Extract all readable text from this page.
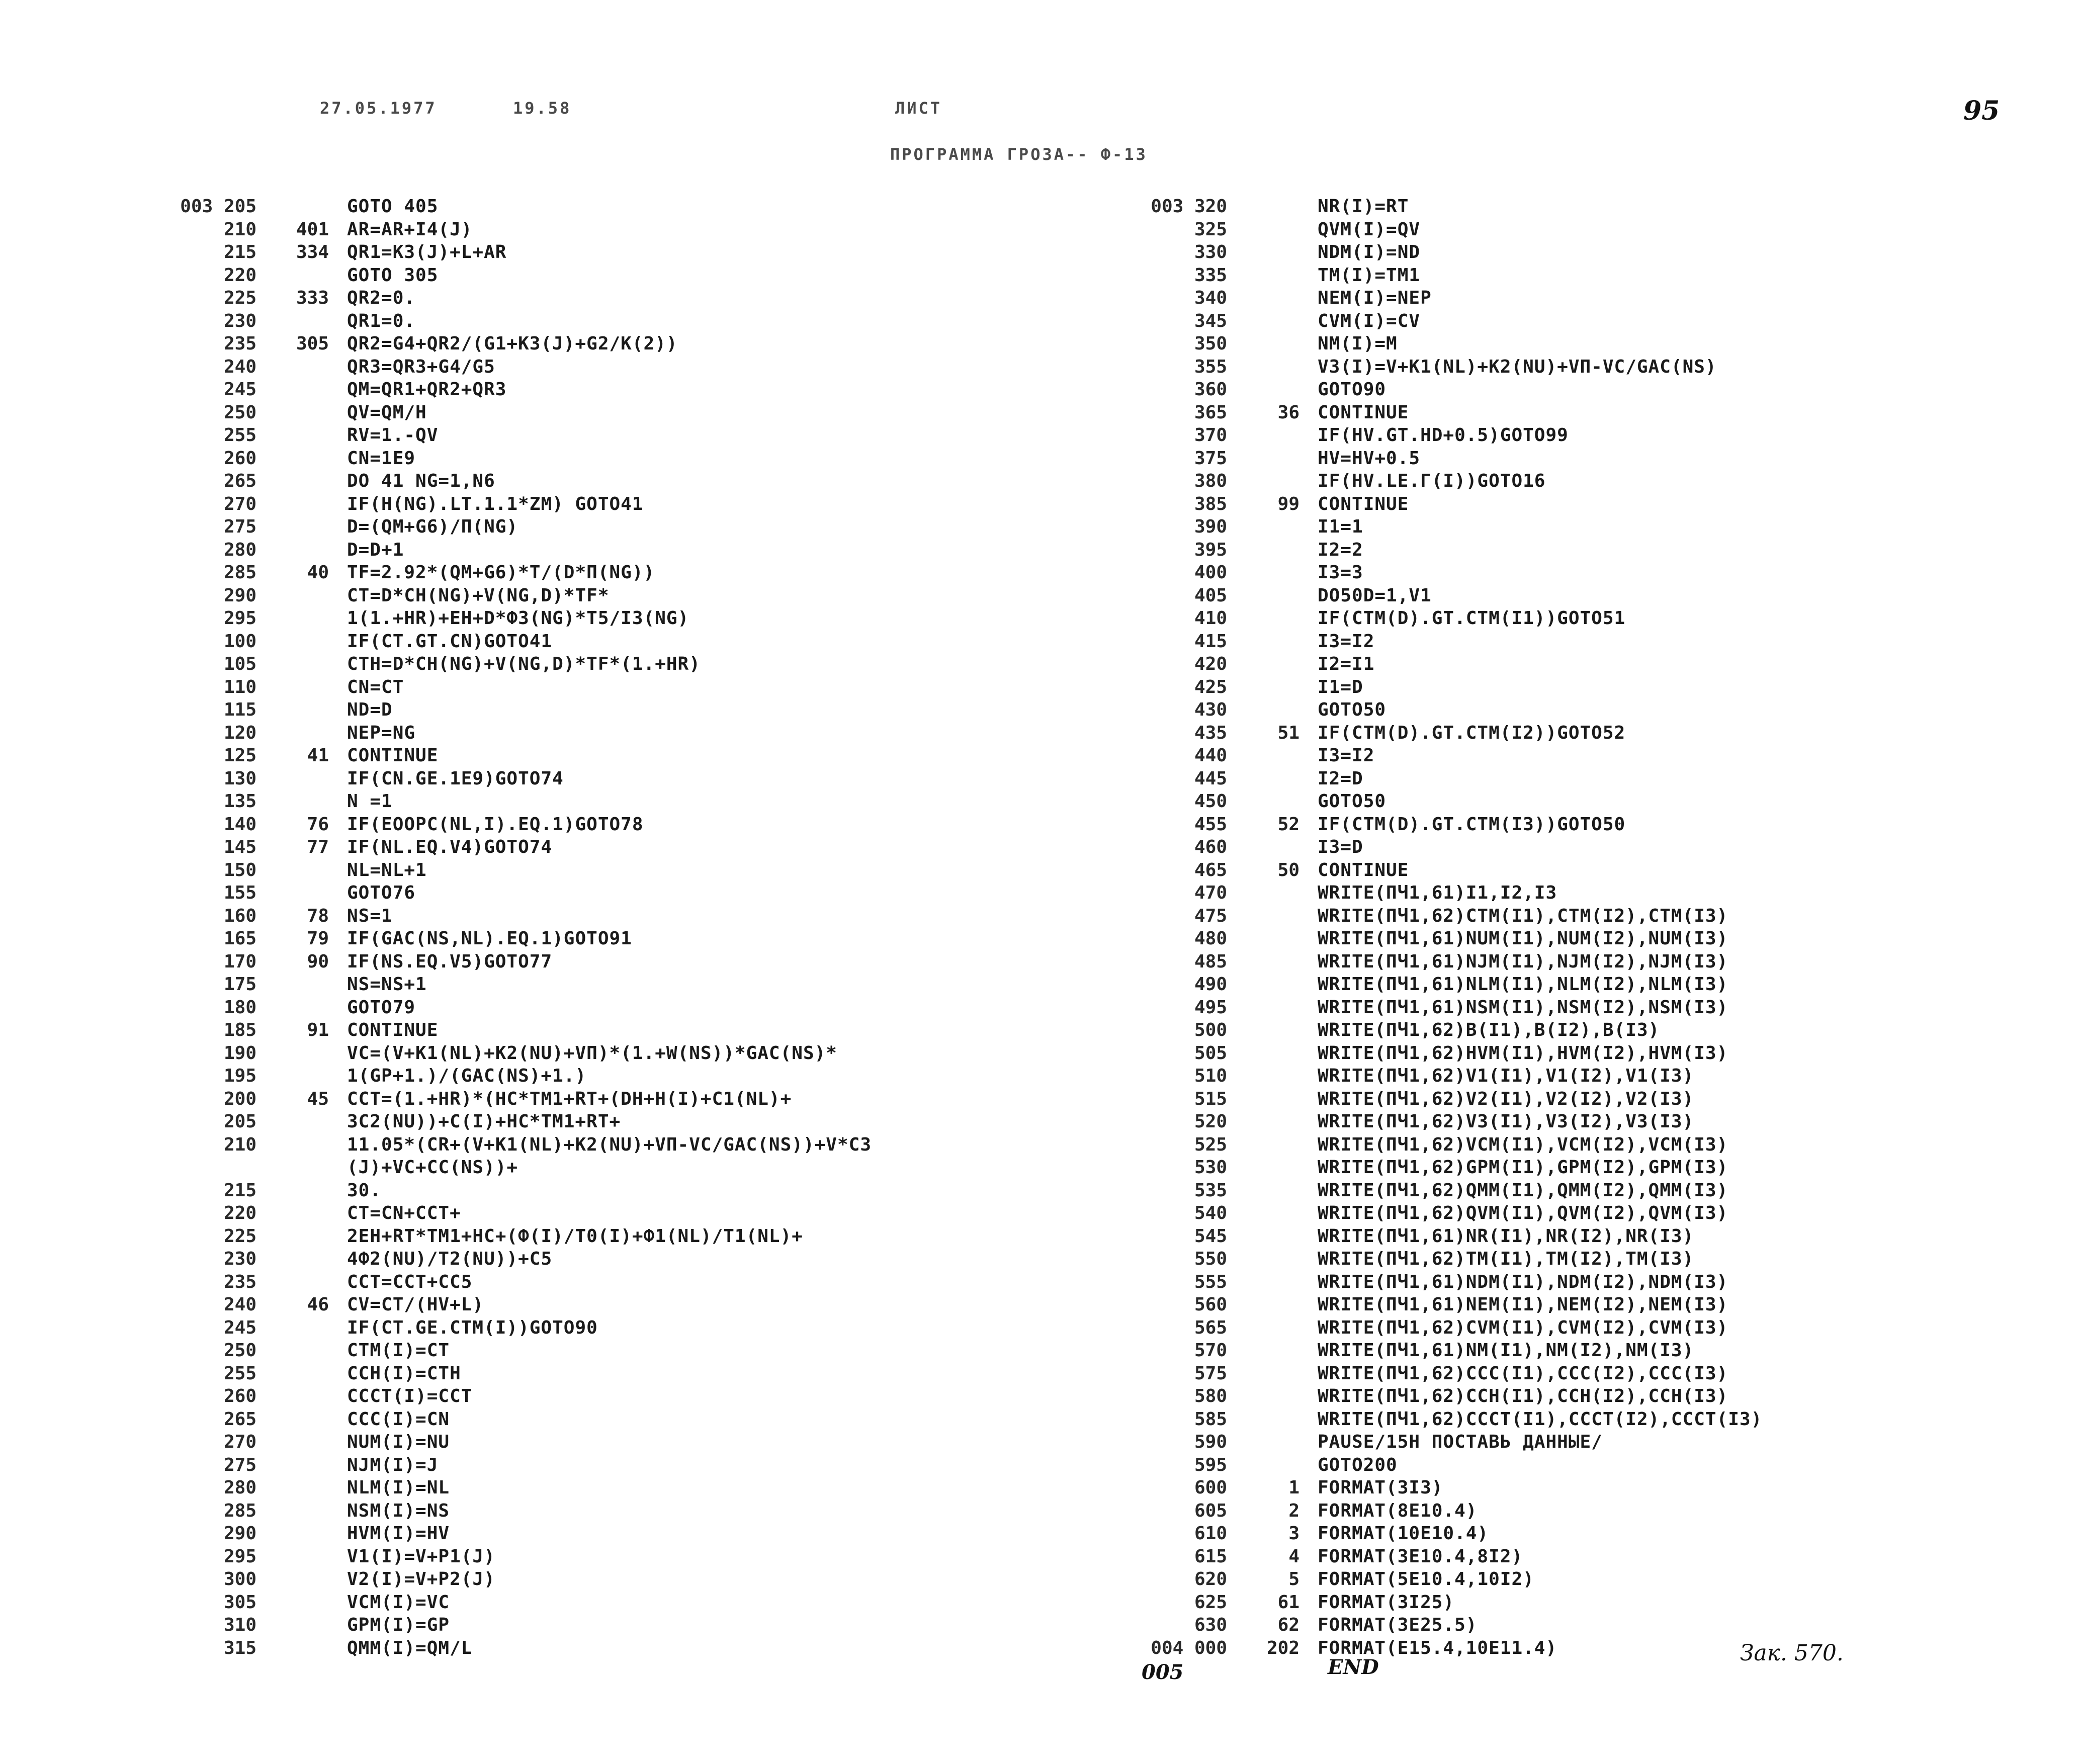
27.05.1977	19.58	ЛИСТ
ПРОГРАММА ГРОЗА-- Ф-13
95
003 205	GOTO 405
210	401 AR=AR+I4(J)
215	334 QR1=K3(J)+L+AR
220	GOTO 305
225	333 QR2=0.
230	QR1=0.
235	305 QR2=G4+QR2/(G1+K3(J)+G2/K(2))
240	QR3=QR3+G4/G5
245	QM=QR1+QR2+QR3
250	QV=QM/H
255	RV=1.-QV
260	CN=1E9
265	DO 41 NG=1,N6
270	IF(H(NG).LT.1.1*ZM) GOTO41
275	D=(QM+G6)/П(NG)
280	D=D+1
285	40 TF=2.92*(QM+G6)*T/(D*П(NG))
290	CT=D*CH(NG)+V(NG,D)*TF*
295	1(1.+HR)+EH+D*Ф3(NG)*T5/I3(NG)
100	IF(CT.GT.CN)GOTO41
105	CTH=D*CH(NG)+V(NG,D)*TF*(1.+HR)
110	CN=CT
115	ND=D
120	NEP=NG
125	41 CONTINUE
130	IF(CN.GE.1E9)GOTO74
135	N =1
140	76 IF(ЕООРС(NL,I).EQ.1)GOTO78
145	77 IF(NL.EQ.V4)GOTO74
150	NL=NL+1
155	GOTO76
160	78 NS=1
165	79 IF(GAC(NS,NL).EQ.1)GOTO91
170	90 IF(NS.EQ.V5)GOTO77
175	NS=NS+1
180	GOTO79
185	91 CONTINUE
190	VC=(V+K1(NL)+K2(NU)+VП)*(1.+W(NS))*GAC(NS)*
195	1(GP+1.)/(GAC(NS)+1.)
200	45 CCT=(1.+HR)*(HC*TM1+RT+(DH+H(I)+C1(NL)+
205	3C2(NU))+C(I)+HC*TM1+RT+
210	11.05*(CR+(V+K1(NL)+K2(NU)+VП-VC/GAC(NS))+V*C3
(J)+VC+CC(NS))+
215	30.
220	CT=CN+CCT+
225	2EH+RT*TM1+HC+(Ф(I)/T0(I)+Ф1(NL)/T1(NL)+
230	4Ф2(NU)/T2(NU))+C5
235	CCT=CCT+CC5
240	46 CV=CT/(HV+L)
245	IF(CT.GE.CTM(I))GOTO90
250	CTM(I)=CT
255	CCH(I)=CTH
260	CCCT(I)=CCT
265	CCC(I)=CN
270	NUM(I)=NU
275	NJM(I)=J
280	NLM(I)=NL
285	NSM(I)=NS
290	HVM(I)=HV
295	V1(I)=V+P1(J)
300	V2(I)=V+P2(J)
305	VCM(I)=VC
310	GPM(I)=GP
315	QMM(I)=QM/L
003 320	NR(I)=RT
325	QVM(I)=QV
330	NDM(I)=ND
335	TM(I)=TM1
340	NEM(I)=NEP
345	CVM(I)=CV
350	NM(I)=M
355	V3(I)=V+K1(NL)+K2(NU)+VП-VC/GAC(NS)
360	GOTO90
365	36 CONTINUE
370	IF(HV.GT.HD+0.5)GOTO99
375	HV=HV+0.5
380	IF(HV.LE.Г(I))GOTO16
385	99 CONTINUE
390	I1=1
395	I2=2
400	I3=3
405	DO50D=1,V1
410	IF(CTM(D).GT.CTM(I1))GOTO51
415	I3=I2
420	I2=I1
425	I1=D
430	GOTO50
435	51 IF(CTM(D).GT.CTM(I2))GOTO52
440	I3=I2
445	I2=D
450	GOTO50
455	52 IF(CTM(D).GT.CTM(I3))GOTO50
460	I3=D
465	50 CONTINUE
470	WRITE(ПЧ1,61)I1,I2,I3
475	WRITE(ПЧ1,62)CTM(I1),CTM(I2),CTM(I3)
480	WRITE(ПЧ1,61)NUM(I1),NUM(I2),NUM(I3)
485	WRITE(ПЧ1,61)NJM(I1),NJM(I2),NJM(I3)
490	WRITE(ПЧ1,61)NLM(I1),NLM(I2),NLM(I3)
495	WRITE(ПЧ1,61)NSM(I1),NSM(I2),NSM(I3)
500	WRITE(ПЧ1,62)B(I1),B(I2),B(I3)
505	WRITE(ПЧ1,62)HVM(I1),HVM(I2),HVM(I3)
510	WRITE(ПЧ1,62)V1(I1),V1(I2),V1(I3)
515	WRITE(ПЧ1,62)V2(I1),V2(I2),V2(I3)
520	WRITE(ПЧ1,62)V3(I1),V3(I2),V3(I3)
525	WRITE(ПЧ1,62)VCM(I1),VCM(I2),VCM(I3)
530	WRITE(ПЧ1,62)GPM(I1),GPM(I2),GPM(I3)
535	WRITE(ПЧ1,62)QMM(I1),QMM(I2),QMM(I3)
540	WRITE(ПЧ1,62)QVM(I1),QVM(I2),QVM(I3)
545	WRITE(ПЧ1,61)NR(I1),NR(I2),NR(I3)
550	WRITE(ПЧ1,62)TM(I1),TM(I2),TM(I3)
555	WRITE(ПЧ1,61)NDM(I1),NDM(I2),NDM(I3)
560	WRITE(ПЧ1,61)NEM(I1),NEM(I2),NEM(I3)
565	WRITE(ПЧ1,62)CVM(I1),CVM(I2),CVM(I3)
570	WRITE(ПЧ1,61)NM(I1),NM(I2),NM(I3)
575	WRITE(ПЧ1,62)CCC(I1),CCC(I2),CCC(I3)
580	WRITE(ПЧ1,62)CCH(I1),CCH(I2),CCH(I3)
585	WRITE(ПЧ1,62)CCCT(I1),CCCT(I2),CCCT(I3)
590	PAUSE/15H ПОСТАВЬ ДАННЫЕ/
595	GOTO200
600	1 FORMAT(3I3)
605	2 FORMAT(8E10.4)
610	3 FORMAT(10E10.4)
615	4 FORMAT(3E10.4,8I2)
620	5 FORMAT(5E10.4,10I2)
625	61 FORMAT(3I25)
630	62 FORMAT(3E25.5)
004 000	202 FORMAT(E15.4,10E11.4)
005	END
Зак. 570.
